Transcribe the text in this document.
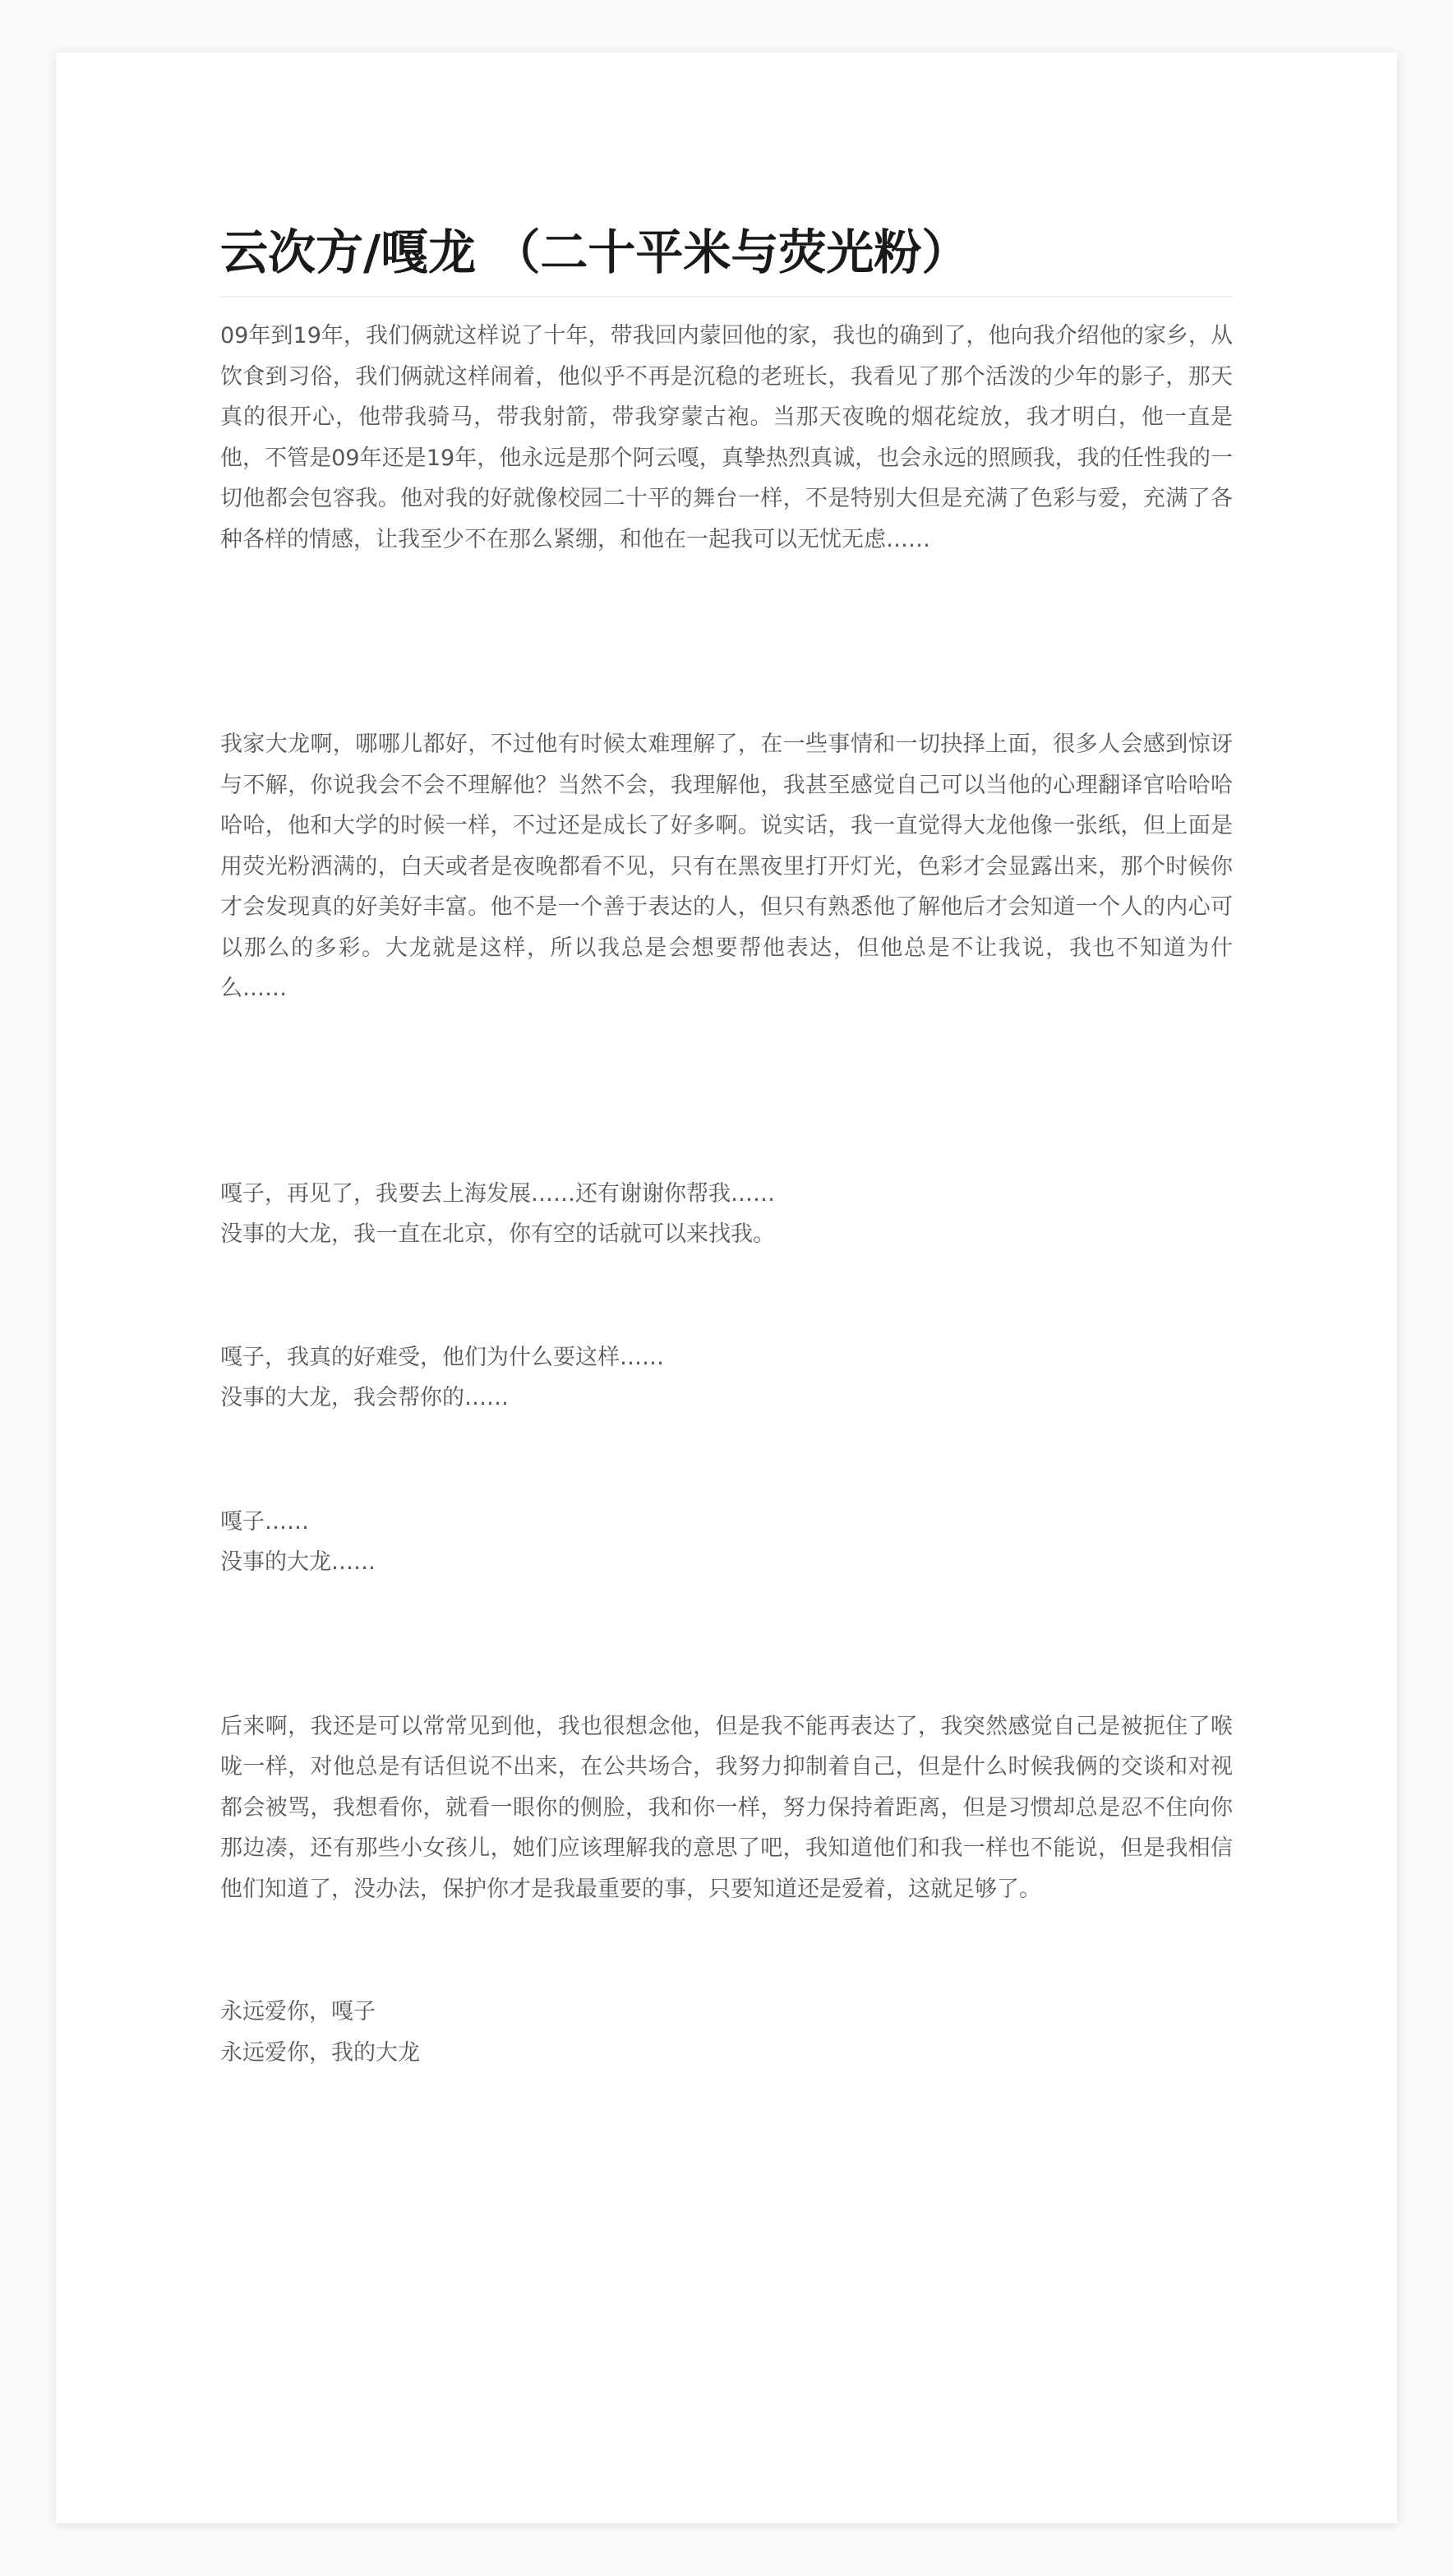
云次方/嘎龙 （二十平米与荧光粉）

09年到19年，我们俩就这样说了十年，带我回内蒙回他的家，我也的确到了，他向我介绍他的家乡，从饮食到习俗，我们俩就这样闹着，他似乎不再是沉稳的老班长，我看见了那个活泼的少年的影子，那天真的很开心，他带我骑马，带我射箭，带我穿蒙古袍。当那天夜晚的烟花绽放，我才明白，他一直是他，不管是09年还是19年，他永远是那个阿云嘎，真挚热烈真诚，也会永远的照顾我，我的任性我的一切他都会包容我。他对我的好就像校园二十平的舞台一样，不是特别大但是充满了色彩与爱，充满了各种各样的情感，让我至少不在那么紧绷，和他在一起我可以无忧无虑……

我家大龙啊，哪哪儿都好，不过他有时候太难理解了，在一些事情和一切抉择上面，很多人会感到惊讶与不解，你说我会不会不理解他？当然不会，我理解他，我甚至感觉自己可以当他的心理翻译官哈哈哈哈哈，他和大学的时候一样，不过还是成长了好多啊。说实话，我一直觉得大龙他像一张纸，但上面是用荧光粉洒满的，白天或者是夜晚都看不见，只有在黑夜里打开灯光，色彩才会显露出来，那个时候你才会发现真的好美好丰富。他不是一个善于表达的人，但只有熟悉他了解他后才会知道一个人的内心可以那么的多彩。大龙就是这样，所以我总是会想要帮他表达，但他总是不让我说，我也不知道为什么……

嘎子，再见了，我要去上海发展……还有谢谢你帮我……
没事的大龙，我一直在北京，你有空的话就可以来找我。
嘎子，我真的好难受，他们为什么要这样……
没事的大龙，我会帮你的……
嘎子……
没事的大龙……

后来啊，我还是可以常常见到他，我也很想念他，但是我不能再表达了，我突然感觉自己是被扼住了喉咙一样，对他总是有话但说不出来，在公共场合，我努力抑制着自己，但是什么时候我俩的交谈和对视都会被骂，我想看你，就看一眼你的侧脸，我和你一样，努力保持着距离，但是习惯却总是忍不住向你那边凑，还有那些小女孩儿，她们应该理解我的意思了吧，我知道他们和我一样也不能说，但是我相信他们知道了，没办法，保护你才是我最重要的事，只要知道还是爱着，这就足够了。

永远爱你，嘎子
永远爱你，我的大龙
